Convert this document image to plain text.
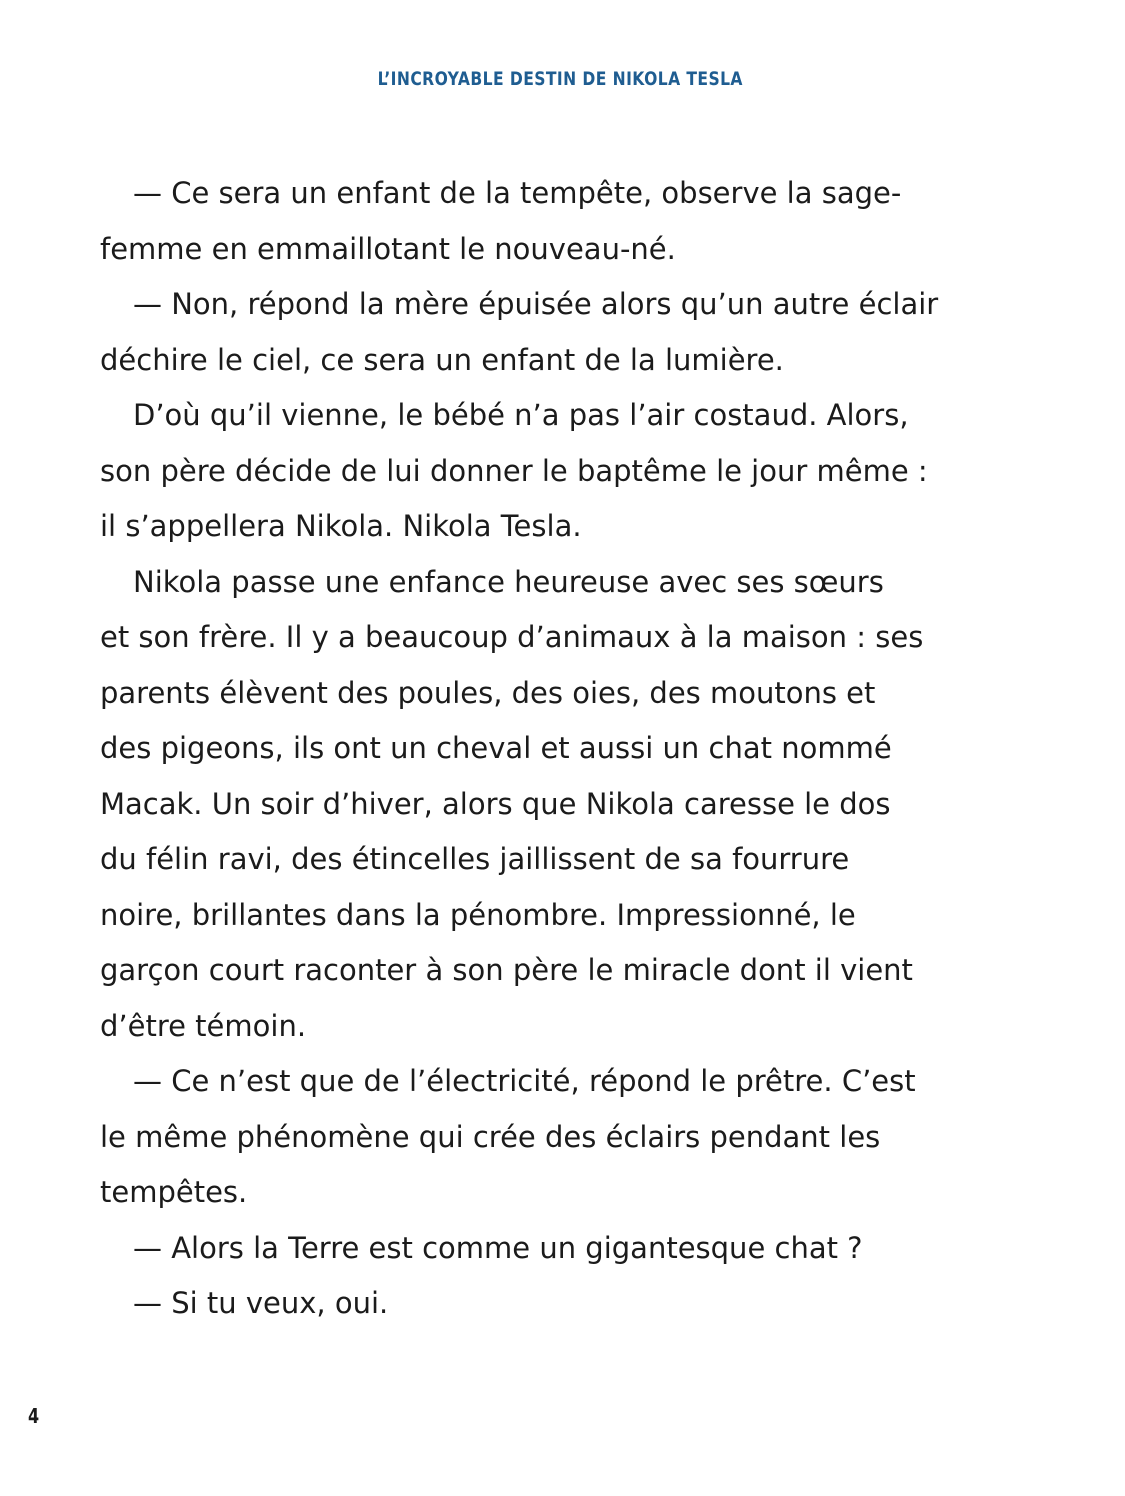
L’INCROYABLE DESTIN DE NIKOLA TESLA
— Ce sera un enfant de la tempête, observe la sage-
femme en emmaillotant le nouveau-né.
— Non, répond la mère épuisée alors qu’un autre éclair
déchire le ciel, ce sera un enfant de la lumière.
D’où qu’il vienne, le bébé n’a pas l’air costaud. Alors,
son père décide de lui donner le baptême le jour même :
il s’appellera Nikola. Nikola Tesla.
Nikola passe une enfance heureuse avec ses sœurs
et son frère. Il y a beaucoup d’animaux à la maison : ses
parents élèvent des poules, des oies, des moutons et
des pigeons, ils ont un cheval et aussi un chat nommé
Macak. Un soir d’hiver, alors que Nikola caresse le dos
du félin ravi, des étincelles jaillissent de sa fourrure
noire, brillantes dans la pénombre. Impressionné, le
garçon court raconter à son père le miracle dont il vient
d’être témoin.
— Ce n’est que de l’électricité, répond le prêtre. C’est
le même phénomène qui crée des éclairs pendant les
tempêtes.
— Alors la Terre est comme un gigantesque chat ?
— Si tu veux, oui.
4
